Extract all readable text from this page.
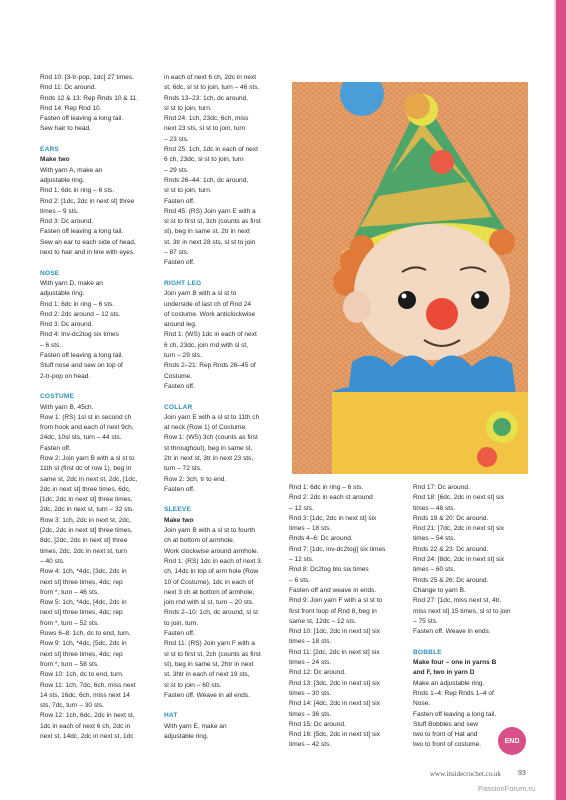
Rnd 10: [3-tr-pop, 1dc] 27 times.

Rnd 11: Dc around.

Rnds 12 & 13: Rep Rnds 10 & 11.

Rnd 14: Rep Rnd 10.

Fasten off leaving a long tail.

Sew hair to head.

EARS

Make two

With yarn A, make an

adjustable ring.

Rnd 1: 6dc in ring – 6 sts.

Rnd 2: [1dc, 2dc in next st] three

times – 9 sts.

Rnd 3: Dc around.

Fasten off leaving a long tail.

Sew an ear to each side of head,

next to hair and in line with eyes.

NOSE

With yarn D, make an

adjustable ring.

Rnd 1: 6dc in ring – 6 sts.

Rnd 2: 2dc around – 12 sts.

Rnd 3: Dc around.

Rnd 4: Inv-dc2tog six times

– 6 sts.

Fasten off leaving a long tail.

Stuff nose and sew on top of

2-tr-pop on head.

COSTUME

With yarn B, 45ch.

Row 1: (RS) 1sl st in second ch

from hook and each of next 9ch,

24dc, 10sl sts, turn – 44 sts.

Fasten off.

Row 2: Join yarn B with a sl st to

11th st (first dc of row 1), beg in

same st, 2dc in next st, 2dc, [1dc,

2dc in next st] three times, 6dc,

[1dc, 2dc in next st] three times,

2dc, 2dc in next st, turn – 32 sts.

Row 3: 1ch, 2dc in next st, 2dc,

[2dc, 2dc in next st] three times,

8dc, [2dc, 2dc in next st] three

times, 2dc, 2dc in next st, turn

– 40 sts.

Row 4: 1ch, *4dc, [3dc, 2dc in

next st] three times, 4dc; rep

from *, turn – 46 sts.

Row 5: 1ch, *4dc, [4dc, 2dc in

next st] three times, 4dc; rep

from *, turn – 52 sts.

Rows 6–8: 1ch, dc to end, turn.

Row 9: 1ch, *4dc, [5dc, 2dc in

next st] three times, 4dc; rep

from *, turn – 58 sts.

Row 10: 1ch, dc to end, turn.

Row 11: 1ch, 7dc, 6ch, miss next

14 sts, 16dc, 6ch, miss next 14

sts, 7dc, turn – 30 sts.

Row 12: 1ch, 6dc, 2dc in next st,

1dc in each of next 6 ch, 2dc in

next st, 14dc, 2dc in next st, 1dc

in each of next 6 ch, 2dc in next

st, 6dc, sl st to join, turn – 46 sts.

Rnds 13–23: 1ch, dc around,

sl st to join, turn.

Rnd 24: 1ch, 23dc, 6ch, miss

next 23 sts, sl st to join, turn

– 23 sts.

Rnd 25: 1ch, 1dc in each of next

6 ch, 23dc, sl st to join, turn

– 29 sts.

Rnds 26–44: 1ch, dc around,

sl st to join, turn.

Fasten off.

Rnd 45: (RS) Join yarn E with a

sl st to first st, 3ch (counts as first

st), beg in same st, 2tr in next

st, 3tr in next 28 sts, sl st to join

– 87 sts.

Fasten off.

RIGHT LEG

Join yarn B with a sl st to

underside of last ch of Rnd 24

of costume. Work anticlockwise

around leg.

Rnd 1: (WS) 1dc in each of next

6 ch, 23dc, join rnd with sl st,

turn – 29 sts.

Rnds 2–21: Rep Rnds 26–45 of

Costume.

Fasten off.

COLLAR

Join yarn E with a sl st to 11th ch

at neck (Row 1) of Costume.

Row 1: (WS) 3ch (counts as first

st throughout), beg in same st,

2tr in next st, 3tr in next 23 sts,

turn – 72 sts.

Row 2: 3ch, tr to end.

Fasten off.

SLEEVE

Make two

Join yarn B with a sl st to fourth

ch at bottom of armhole.

Work clockwise around armhole.

Rnd 1: (RS) 1dc in each of next 3

ch, 14dc in top of arm hole (Row

10 of Costume), 1dc in each of

next 3 ch at bottom of armhole,

join rnd with sl st, turn – 20 sts.

Rnds 2–10: 1ch, dc around, sl st

to join, turn.

Fasten off.

Rnd 11: (RS) Join yarn F with a

sl st to first st, 2ch (counts as first

st), beg in same st, 2htr in next

st, 3htr in each of next 19 sts,

sl st to join – 60 sts.

Fasten off. Weave in all ends.

HAT

With yarn E, make an

adjustable ring.

Rnd 1: 6dc in ring – 6 sts.

Rnd 2: 2dc in each st around

– 12 sts.

Rnd 3: [1dc, 2dc in next st] six

times – 18 sts.

Rnds 4–6: Dc around.

Rnd 7: [1dc, inv-dc2tog] six times

– 12 sts.

Rnd 8: Dc2tog blo six times

– 6 sts.

Fasten off and weave in ends.

Rnd 9: Join yarn F with a sl st to

first front loop of Rnd 8, beg in

same st, 12dc – 12 sts.

Rnd 10: [1dc, 2dc in next st] six

times – 18 sts.

Rnd 11: [2dc, 2dc in next st] six

times – 24 sts.

Rnd 12: Dc around.

Rnd 13: [3dc, 2dc in next st] six

times – 30 sts.

Rnd 14: [4dc, 2dc in next st] six

times – 36 sts.

Rnd 15: Dc around.

Rnd 16: [5dc, 2dc in next st] six

times – 42 sts.

Rnd 17: Dc around.

Rnd 18: [6dc, 2dc in next st] six

times – 48 sts.

Rnds 19 & 20: Dc around.

Rnd 21: [7dc, 2dc in next st] six

times – 54 sts.

Rnds 22 & 23: Dc around.

Rnd 24: [8dc, 2dc in next st] six

times – 60 sts.

Rnds 25 & 26: Dc around.

Change to yarn B.

Rnd 27: [1dc, miss next st, 4tr,

miss next st] 15 times, sl st to join

– 75 sts.

Fasten off. Weave in ends.

BOBBLE

Make four – one in yarns B

and F, two in yarn D

Make an adjustable ring.

Rnds 1–4: Rep Rnds 1–4 of

Nose.

Fasten off leaving a long tail.

Stuff Bobbles and sew

two to front of Hat and

two to front of costume.

END
www.insidecrochet.co.uk 93
PassionForum.ru
